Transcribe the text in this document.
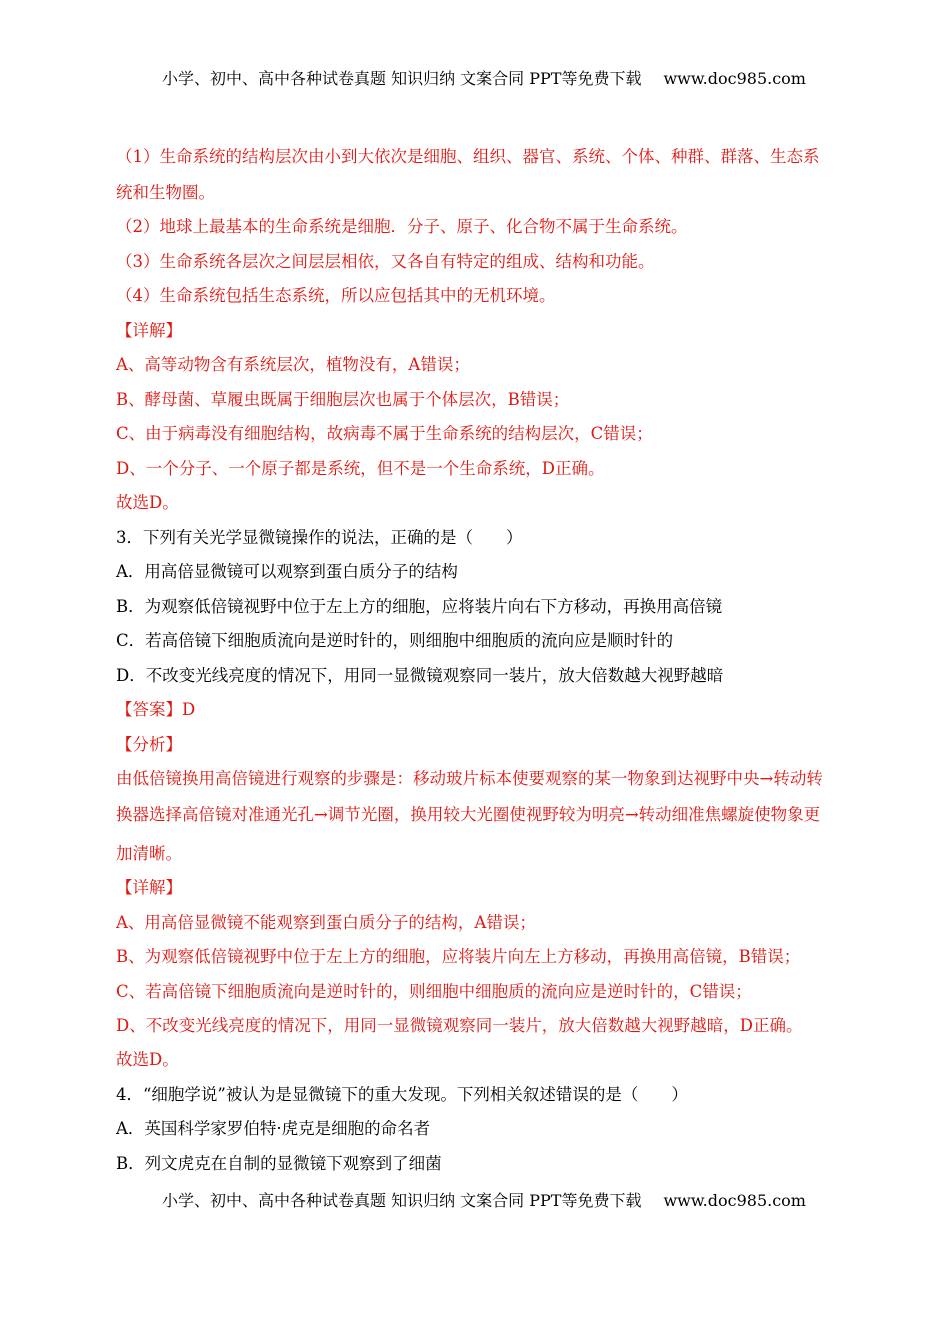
小学、初中、高中各种试卷真题 知识归纳 文案合同 PPT等免费下载 www.doc985.com
（1）生命系统的结构层次由小到大依次是细胞、组织、器官、系统、个体、种群、群落、生态系
统和生物圈。
（2）地球上最基本的生命系统是细胞．分子、原子、化合物不属于生命系统。
（3）生命系统各层次之间层层相依，又各自有特定的组成、结构和功能。
（4）生命系统包括生态系统，所以应包括其中的无机环境。
【详解】
A、高等动物含有系统层次，植物没有，A错误；
B、酵母菌、草履虫既属于细胞层次也属于个体层次，B错误；
C、由于病毒没有细胞结构，故病毒不属于生命系统的结构层次，C错误；
D、一个分子、一个原子都是系统，但不是一个生命系统，D正确。
故选D。
3．下列有关光学显微镜操作的说法，正确的是（　　）
A．用高倍显微镜可以观察到蛋白质分子的结构
B．为观察低倍镜视野中位于左上方的细胞，应将装片向右下方移动，再换用高倍镜
C．若高倍镜下细胞质流向是逆时针的，则细胞中细胞质的流向应是顺时针的
D．不改变光线亮度的情况下，用同一显微镜观察同一装片，放大倍数越大视野越暗
【答案】D
【分析】
由低倍镜换用高倍镜进行观察的步骤是：移动玻片标本使要观察的某一物象到达视野中央→转动转
换器选择高倍镜对准通光孔→调节光圈，换用较大光圈使视野较为明亮→转动细准焦螺旋使物象更
加清晰。
【详解】
A、用高倍显微镜不能观察到蛋白质分子的结构，A错误；
B、为观察低倍镜视野中位于左上方的细胞，应将装片向左上方移动，再换用高倍镜，B错误；
C、若高倍镜下细胞质流向是逆时针的，则细胞中细胞质的流向应是逆时针的，C错误；
D、不改变光线亮度的情况下，用同一显微镜观察同一装片，放大倍数越大视野越暗，D正确。
故选D。
4．“细胞学说”被认为是显微镜下的重大发现。下列相关叙述错误的是（　　）
A．英国科学家罗伯特·虎克是细胞的命名者
B．列文虎克在自制的显微镜下观察到了细菌
小学、初中、高中各种试卷真题 知识归纳 文案合同 PPT等免费下载 www.doc985.com
